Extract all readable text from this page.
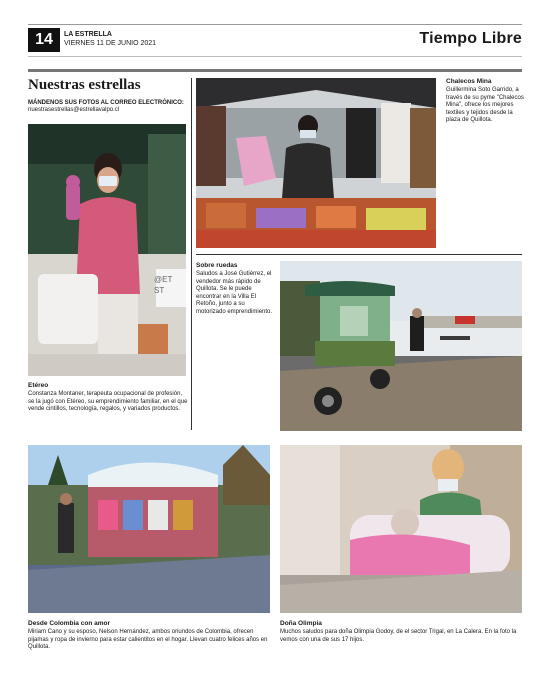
14	LA ESTRELLA
VIERNES 11 DE JUNIO 2021	Tiempo Libre
Nuestras estrellas
MÁNDENOS SUS FOTOS AL CORREO ELECTRÓNICO:
nuestrasestrellas@estrellavalpo.cl
@ET ST
Etéreo
Constanza Montaner, terapeuta ocupacional de profesión, se la jugó con Etéreo, su emprendimiento familiar, en el que vende cintillos, tecnología, regalos, y variados productos.
Chalecos Mina
Guillermina Soto Garrido, a través de su pyme "Chalecos Mina", ofrece los mejores textiles y tejidos desde la plaza de Quillota.
Sobre ruedas
Saludos a José Gutiérrez, el vendedor más rápido de Quillota. Se le puede encontrar en la Villa El Retoño, junto a su motorizado emprendimiento.
Desde Colombia con amor
Miriam Cano y su esposo, Nelson Hernández, ambos oriundos de Colombia, ofrecen pijamas y ropa de invierno para estar calientitos en el hogar. Llevan cuatro felices años en Quillota.
Doña Olimpia
Muchos saludos para doña Olimpia Godoy, de el sector Trigal, en La Calera. En la foto la vemos con una de sus 17 hijos.
